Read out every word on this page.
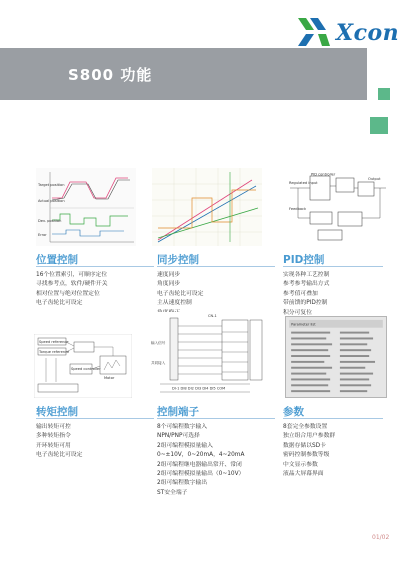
Xcon
S800 功能
Target position
Actual position
Dev. position
Error
Regulated input
PID controller
Feedback
Output
位置控制
16个位置索引，可顺序定位
寻找参考点，软件/硬件开关
相对位置与绝对位置定位
电子齿轮比可设定
同步控制
速度同步
角度同步
电子齿轮比可设定
主从速度控制
PID控制
实现各种工艺控制
参考参考输出方式
参考值可叠加
带前馈的PID控制
积分可复位
Speed reference
Torque reference
Speed controller
Motor
CN-1
输入信号
共同接入
DI-1 DI8 DI2 DI3 DI4 DI5 COM
Parameter list
转矩控制
输出转矩可控
多种转矩指令
开环转矩可用
电子齿轮比可设定
控制端子
8个可编程数字输入
NPN/PNP可选择
2组可编程模拟量输入
0~±10V，0~20mA，4~20mA
2组可编程继电器输出常开、常闭
2组可编程模拟量输出（0~10V）
2组可编程数字输出
ST安全端子
参数
8套完全参数设置
独立组合用户参数群
数据存储以SD卡
密码控制参数等级
中文显示参数
液晶大屏幕界面
01/02
